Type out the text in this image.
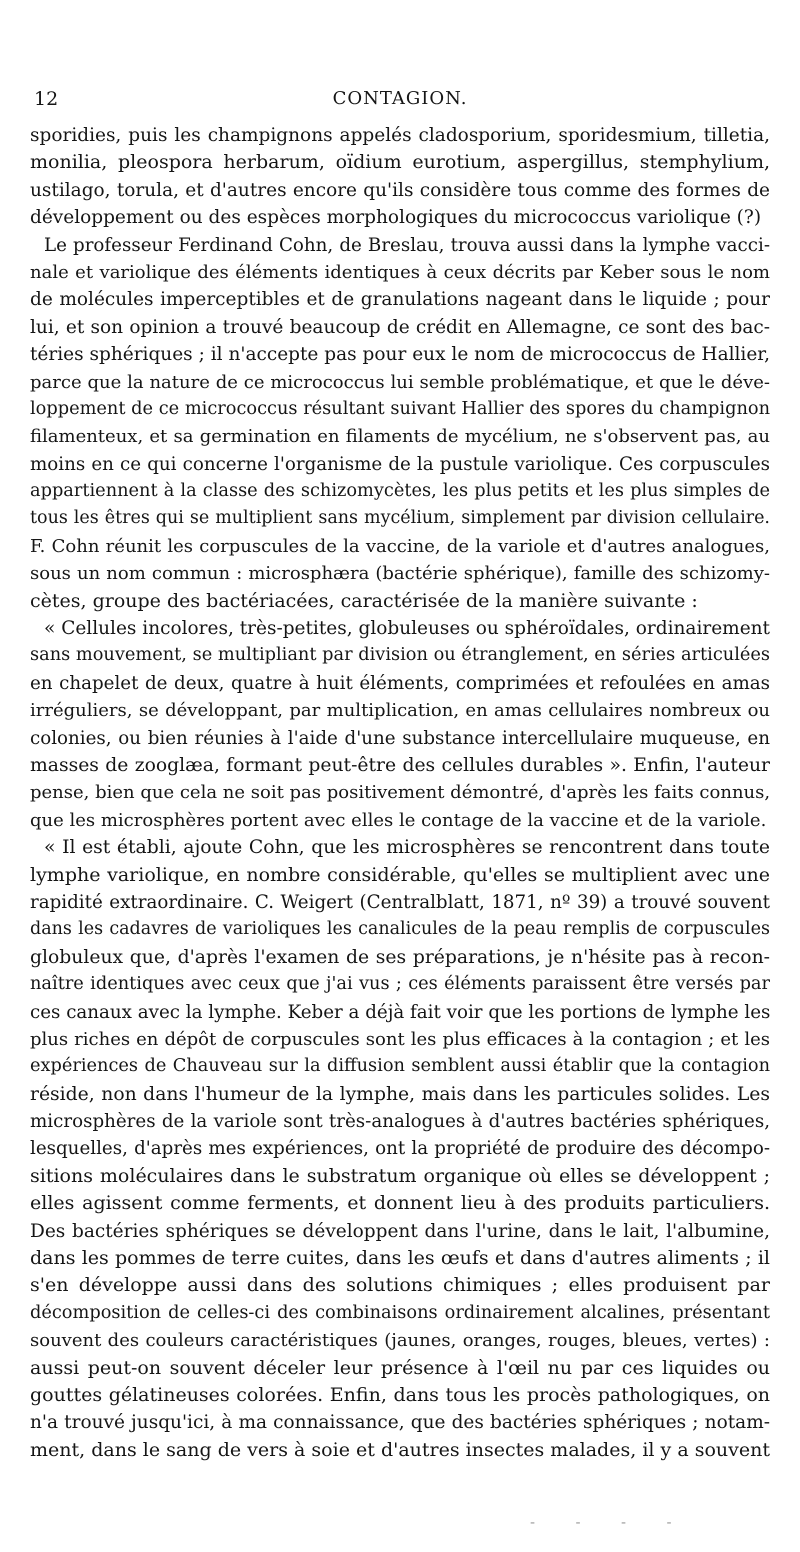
12	CONTAGION.
sporidies, puis les champignons appelés cladosporium, sporidesmium, tilletia,
monilia, pleospora herbarum, oïdium eurotium, aspergillus, stemphylium,
ustilago, torula, et d'autres encore qu'ils considère tous comme des formes de
développement ou des espèces morphologiques du micrococcus variolique (?)
Le professeur Ferdinand Cohn, de Breslau, trouva aussi dans la lymphe vacci-
nale et variolique des éléments identiques à ceux décrits par Keber sous le nom
de molécules imperceptibles et de granulations nageant dans le liquide ; pour
lui, et son opinion a trouvé beaucoup de crédit en Allemagne, ce sont des bac-
téries sphériques ; il n'accepte pas pour eux le nom de micrococcus de Hallier,
parce que la nature de ce micrococcus lui semble problématique, et que le déve-
loppement de ce micrococcus résultant suivant Hallier des spores du champignon
filamenteux, et sa germination en filaments de mycélium, ne s'observent pas, au
moins en ce qui concerne l'organisme de la pustule variolique. Ces corpuscules
appartiennent à la classe des schizomycètes, les plus petits et les plus simples de
tous les êtres qui se multiplient sans mycélium, simplement par division cellulaire.
F. Cohn réunit les corpuscules de la vaccine, de la variole et d'autres analogues,
sous un nom commun : microsphæra (bactérie sphérique), famille des schizomy-
cètes, groupe des bactériacées, caractérisée de la manière suivante :
« Cellules incolores, très-petites, globuleuses ou sphéroïdales, ordinairement
sans mouvement, se multipliant par division ou étranglement, en séries articulées
en chapelet de deux, quatre à huit éléments, comprimées et refoulées en amas
irréguliers, se développant, par multiplication, en amas cellulaires nombreux ou
colonies, ou bien réunies à l'aide d'une substance intercellulaire muqueuse, en
masses de zooglæa, formant peut-être des cellules durables ». Enfin, l'auteur
pense, bien que cela ne soit pas positivement démontré, d'après les faits connus,
que les microsphères portent avec elles le contage de la vaccine et de la variole.
« Il est établi, ajoute Cohn, que les microsphères se rencontrent dans toute
lymphe variolique, en nombre considérable, qu'elles se multiplient avec une
rapidité extraordinaire. C. Weigert (Centralblatt, 1871, nº 39) a trouvé souvent
dans les cadavres de varioliques les canalicules de la peau remplis de corpuscules
globuleux que, d'après l'examen de ses préparations, je n'hésite pas à recon-
naître identiques avec ceux que j'ai vus ; ces éléments paraissent être versés par
ces canaux avec la lymphe. Keber a déjà fait voir que les portions de lymphe les
plus riches en dépôt de corpuscules sont les plus efficaces à la contagion ; et les
expériences de Chauveau sur la diffusion semblent aussi établir que la contagion
réside, non dans l'humeur de la lymphe, mais dans les particules solides. Les
microsphères de la variole sont très-analogues à d'autres bactéries sphériques,
lesquelles, d'après mes expériences, ont la propriété de produire des décompo-
sitions moléculaires dans le substratum organique où elles se développent ;
elles agissent comme ferments, et donnent lieu à des produits particuliers.
Des bactéries sphériques se développent dans l'urine, dans le lait, l'albumine,
dans les pommes de terre cuites, dans les œufs et dans d'autres aliments ; il
s'en développe aussi dans des solutions chimiques ; elles produisent par
décomposition de celles-ci des combinaisons ordinairement alcalines, présentant
souvent des couleurs caractéristiques (jaunes, oranges, rouges, bleues, vertes) :
aussi peut-on souvent déceler leur présence à l'œil nu par ces liquides ou
gouttes gélatineuses colorées. Enfin, dans tous les procès pathologiques, on
n'a trouvé jusqu'ici, à ma connaissance, que des bactéries sphériques ; notam-
ment, dans le sang de vers à soie et d'autres insectes malades, il y a souvent
- - - -
